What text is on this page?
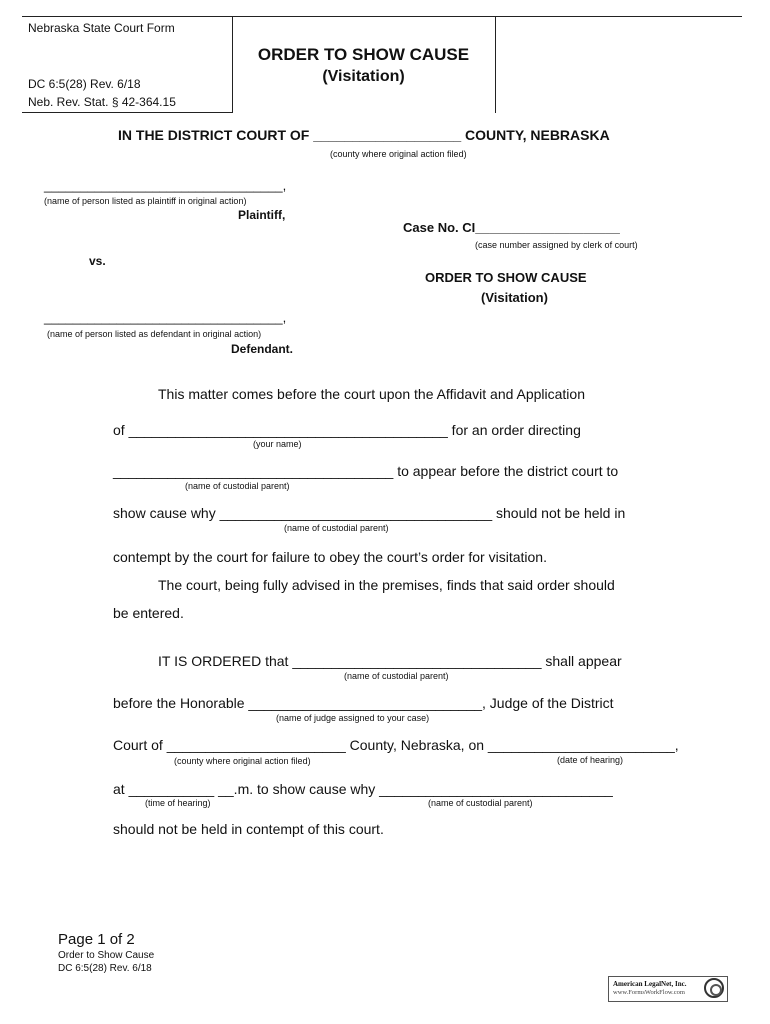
Nebraska State Court Form
DC 6:5(28) Rev. 6/18
Neb. Rev. Stat. § 42-364.15
ORDER TO SHOW CAUSE
(Visitation)
IN THE DISTRICT COURT OF ___________________ COUNTY, NEBRASKA
(county where original action filed)
_________________________________,
(name of person listed as plaintiff in original action)
Plaintiff,
Case No. CI____________________
(case number assigned by clerk of court)
vs.
ORDER TO SHOW CAUSE
(Visitation)
_________________________________,
(name of person listed as defendant in original action)
Defendant.
This matter comes before the court upon the Affidavit and Application
of _________________________________________ for an order directing
(your name)
____________________________________ to appear before the district court to
(name of custodial parent)
show cause why ___________________________________ should not be held in
(name of custodial parent)
contempt by the court for failure to obey the court’s order for visitation.
The court, being fully advised in the premises, finds that said order should
be entered.
IT IS ORDERED that ________________________________ shall appear
(name of custodial parent)
before the Honorable ______________________________, Judge of the District
(name of judge assigned to your case)
Court of _______________________ County, Nebraska, on ________________________,
(county where original action filed)	(date of hearing)
at ___________ __.m. to show cause why ______________________________
(time of hearing)	(name of custodial parent)
should not be held in contempt of this court.
Page 1 of 2
Order to Show Cause
DC 6:5(28) Rev. 6/18
American LegalNet, Inc.
www.FormsWorkFlow.com
